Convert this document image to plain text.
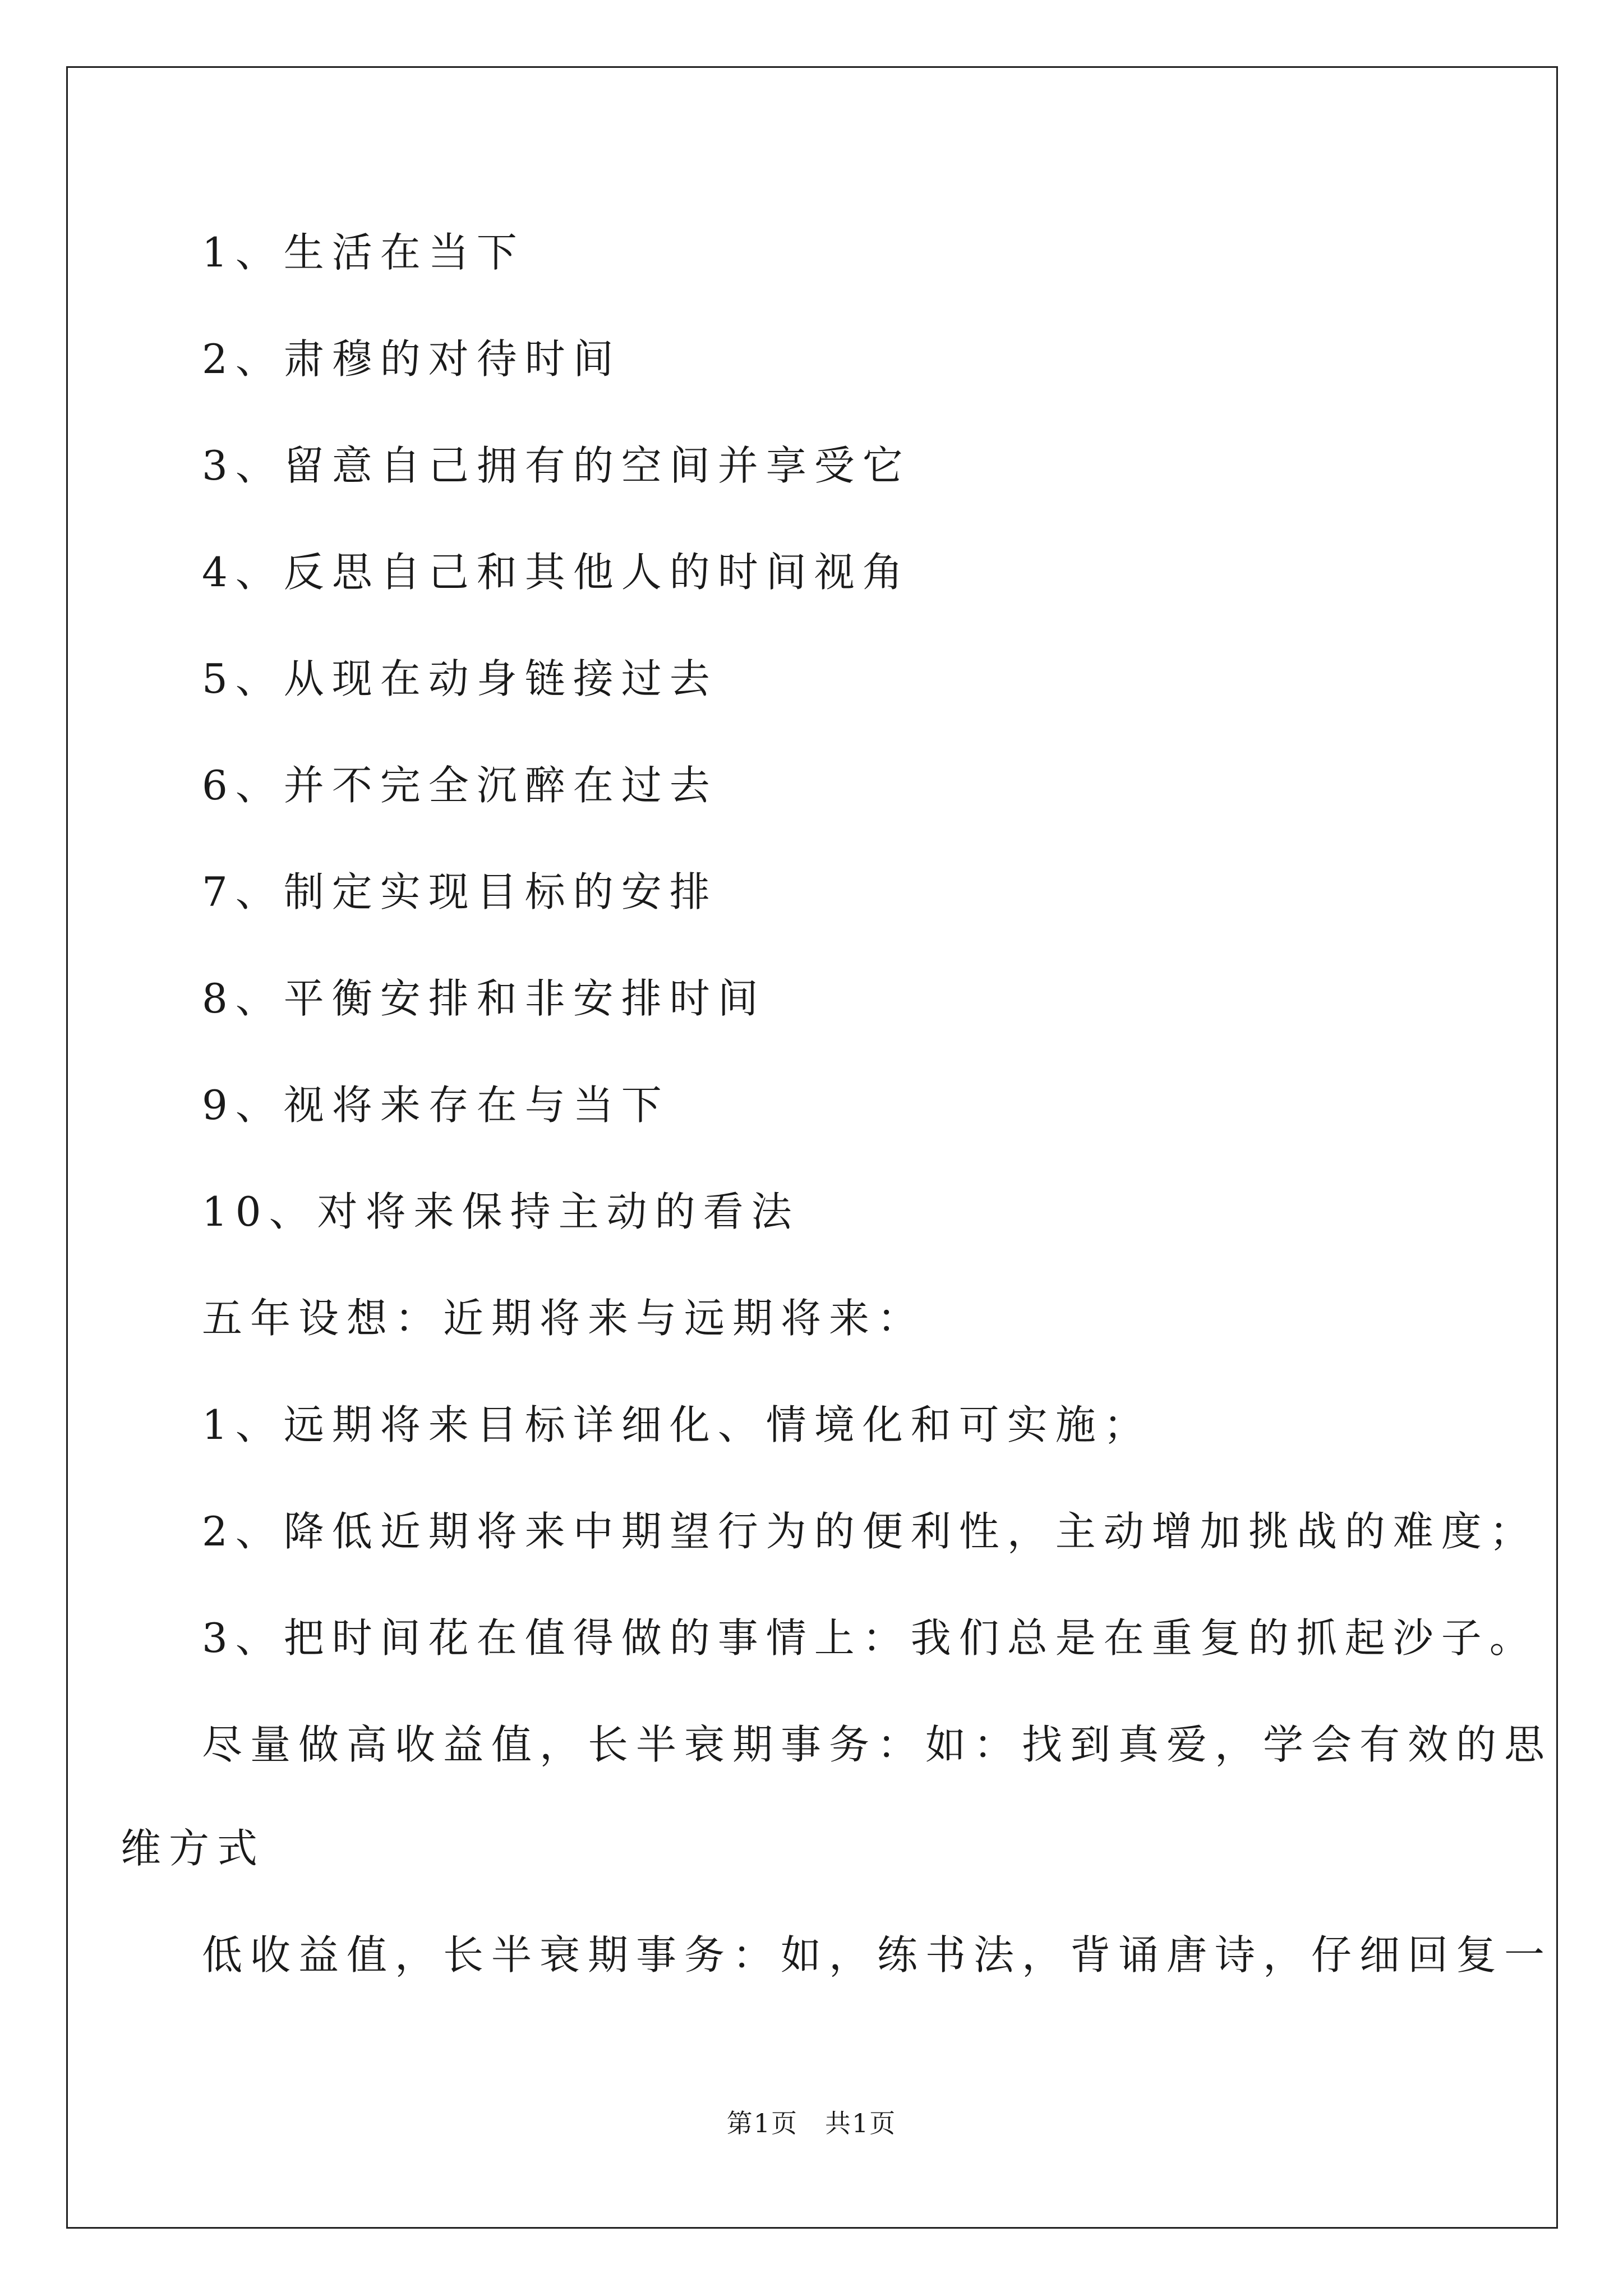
1、生活在当下
2、肃穆的对待时间
3、留意自己拥有的空间并享受它
4、反思自己和其他人的时间视角
5、从现在动身链接过去
6、并不完全沉醉在过去
7、制定实现目标的安排
8、平衡安排和非安排时间
9、视将来存在与当下
10、对将来保持主动的看法
五年设想：近期将来与远期将来：
1、远期将来目标详细化、情境化和可实施；
2、降低近期将来中期望行为的便利性，主动增加挑战的难度；
3、把时间花在值得做的事情上：我们总是在重复的抓起沙子。
尽量做高收益值，长半衰期事务：如：找到真爱，学会有效的思
维方式
低收益值，长半衰期事务：如，练书法，背诵唐诗，仔细回复一
第1页　共1页
